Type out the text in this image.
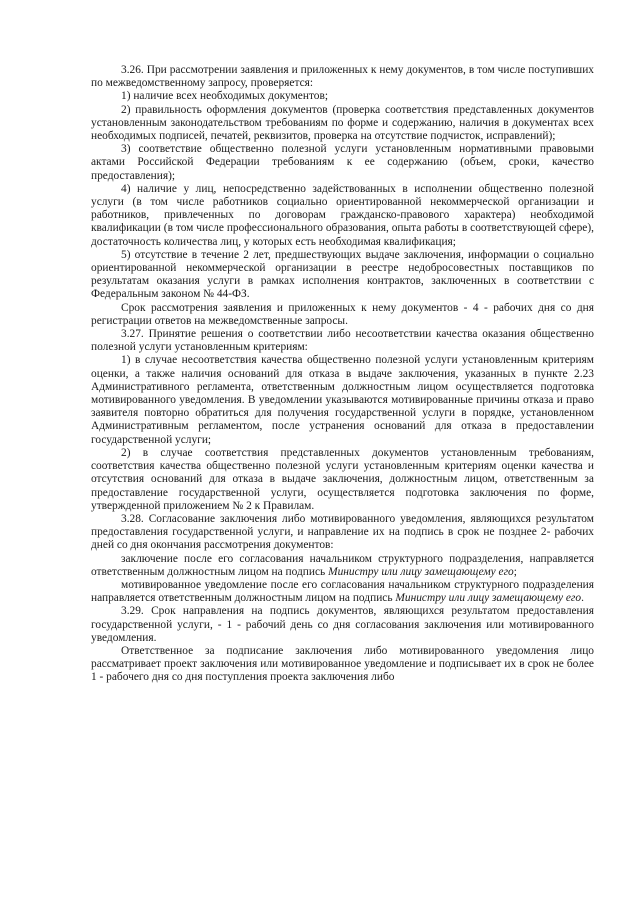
3.26. При рассмотрении заявления и приложенных к нему документов, в том числе поступивших по межведомственному запросу, проверяется:

1) наличие всех необходимых документов;

2) правильность оформления документов (проверка соответствия представленных документов установленным законодательством требованиям по форме и содержанию, наличия в документах всех необходимых подписей, печатей, реквизитов, проверка на отсутствие подчисток, исправлений);

3) соответствие общественно полезной услуги установленным нормативными правовыми актами Российской Федерации требованиям к ее содержанию (объем, сроки, качество предоставления);

4) наличие у лиц, непосредственно задействованных в исполнении общественно полезной услуги (в том числе работников социально ориентированной некоммерческой организации и работников, привлеченных по договорам гражданско-правового характера) необходимой квалификации (в том числе профессионального образования, опыта работы в соответствующей сфере), достаточность количества лиц, у которых есть необходимая квалификация;

5) отсутствие в течение 2 лет, предшествующих выдаче заключения, информации о социально ориентированной некоммерческой организации в реестре недобросовестных поставщиков по результатам оказания услуги в рамках исполнения контрактов, заключенных в соответствии с Федеральным законом № 44-ФЗ.

Срок рассмотрения заявления и приложенных к нему документов - 4 - рабочих дня со дня регистрации ответов на межведомственные запросы.

3.27. Принятие решения о соответствии либо несоответствии качества оказания общественно полезной услуги установленным критериям:

1) в случае несоответствия качества общественно полезной услуги установленным критериям оценки, а также наличия оснований для отказа в выдаче заключения, указанных в пункте 2.23 Административного регламента, ответственным должностным лицом осуществляется подготовка мотивированного уведомления. В уведомлении указываются мотивированные причины отказа и право заявителя повторно обратиться для получения государственной услуги в порядке, установленном Административным регламентом, после устранения оснований для отказа в предоставлении государственной услуги;

2) в случае соответствия представленных документов установленным требованиям, соответствия качества общественно полезной услуги установленным критериям оценки качества и отсутствия оснований для отказа в выдаче заключения, должностным лицом, ответственным за предоставление государственной услуги, осуществляется подготовка заключения по форме, утвержденной приложением № 2 к Правилам.

3.28. Согласование заключения либо мотивированного уведомления, являющихся результатом предоставления государственной услуги, и направление их на подпись в срок не позднее 2- рабочих дней со дня окончания рассмотрения документов:

заключение после его согласования начальником структурного подразделения, направляется ответственным должностным лицом на подпись Министру или лицу замещающему его;

мотивированное уведомление после его согласования начальником структурного подразделения направляется ответственным должностным лицом на подпись Министру или лицу замещающему его.

3.29. Срок направления на подпись документов, являющихся результатом предоставления государственной услуги, - 1 - рабочий день со дня согласования заключения или мотивированного уведомления.

Ответственное за подписание заключения либо мотивированного уведомления лицо рассматривает проект заключения или мотивированное уведомление и подписывает их в срок не более 1 - рабочего дня со дня поступления проекта заключения либо
